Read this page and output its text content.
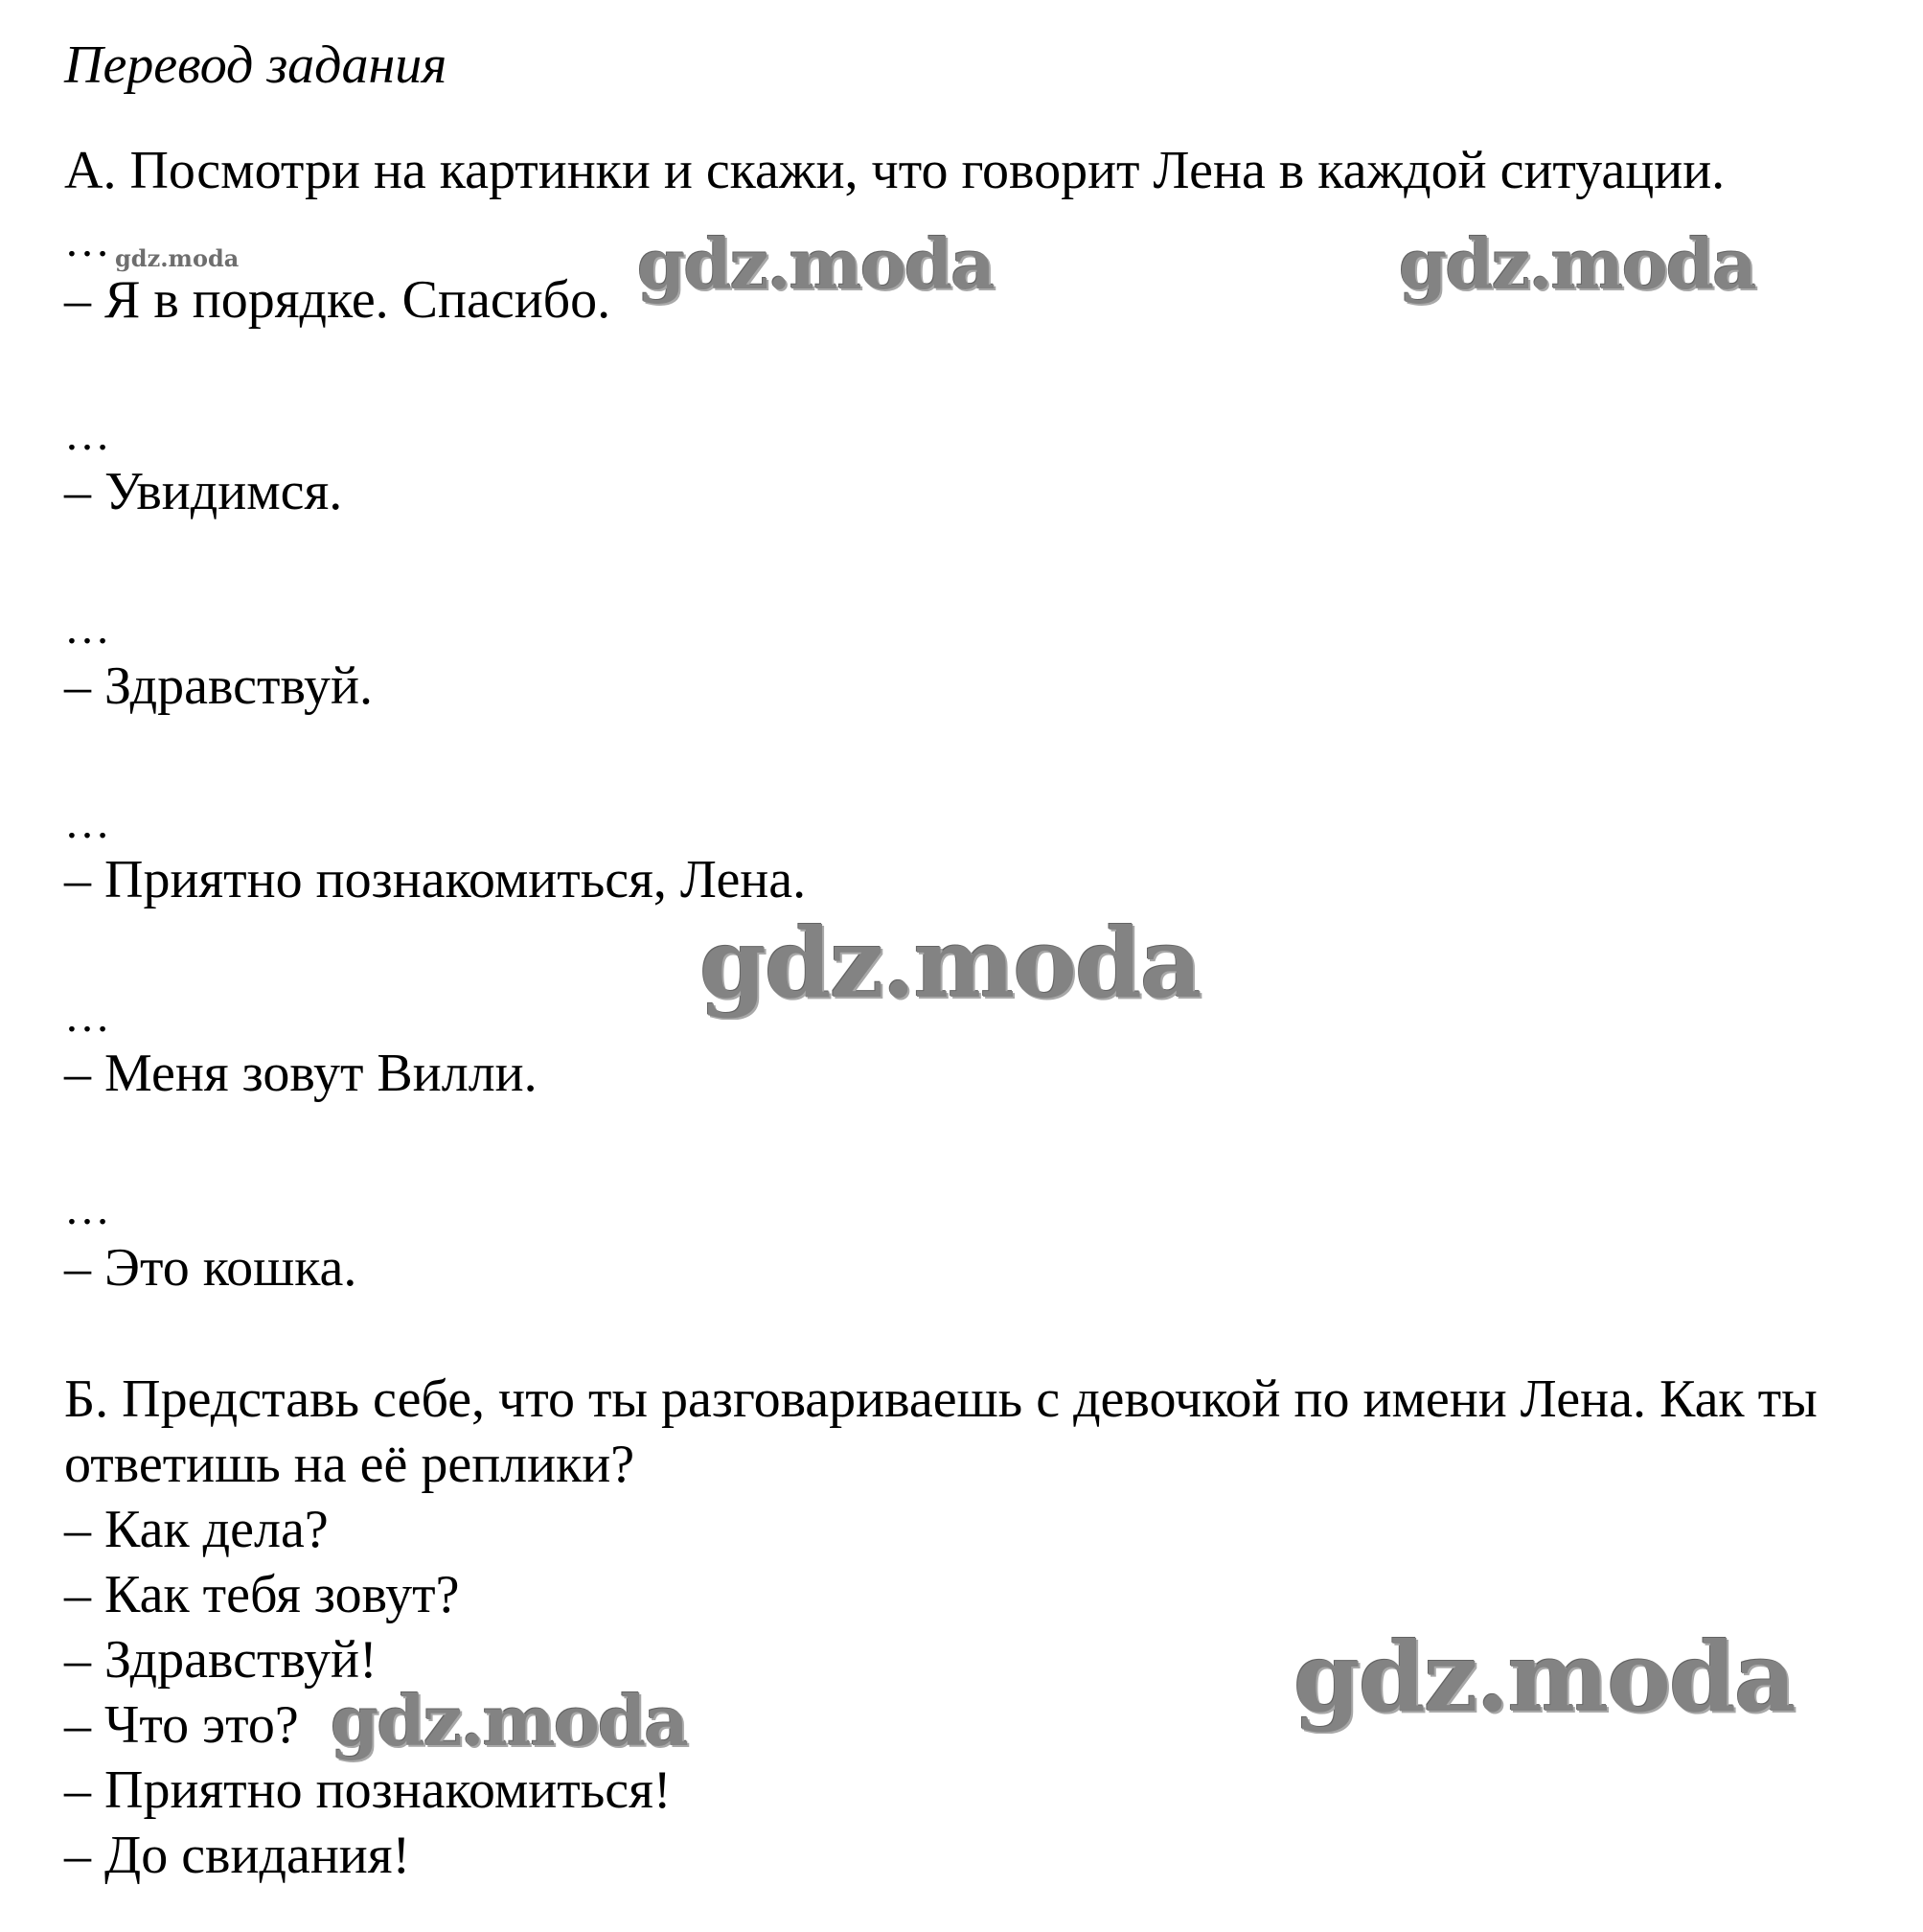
Перевод задания
А. Посмотри на картинки и скажи, что говорит Лена в каждой ситуации.
…
– Я в порядке. Спасибо.
…
– Увидимся.
…
– Здравствуй.
…
– Приятно познакомиться, Лена.
…
– Меня зовут Вилли.
…
– Это кошка.
Б. Представь себе, что ты разговариваешь с девочкой по имени Лена. Как ты
ответишь на её реплики?
– Как дела?
– Как тебя зовут?
– Здравствуй!
– Что это?
– Приятно познакомиться!
– До свидания!
gdz.moda	gdz.moda	gdz.moda
gdz.moda
gdz.moda
gdz.moda
